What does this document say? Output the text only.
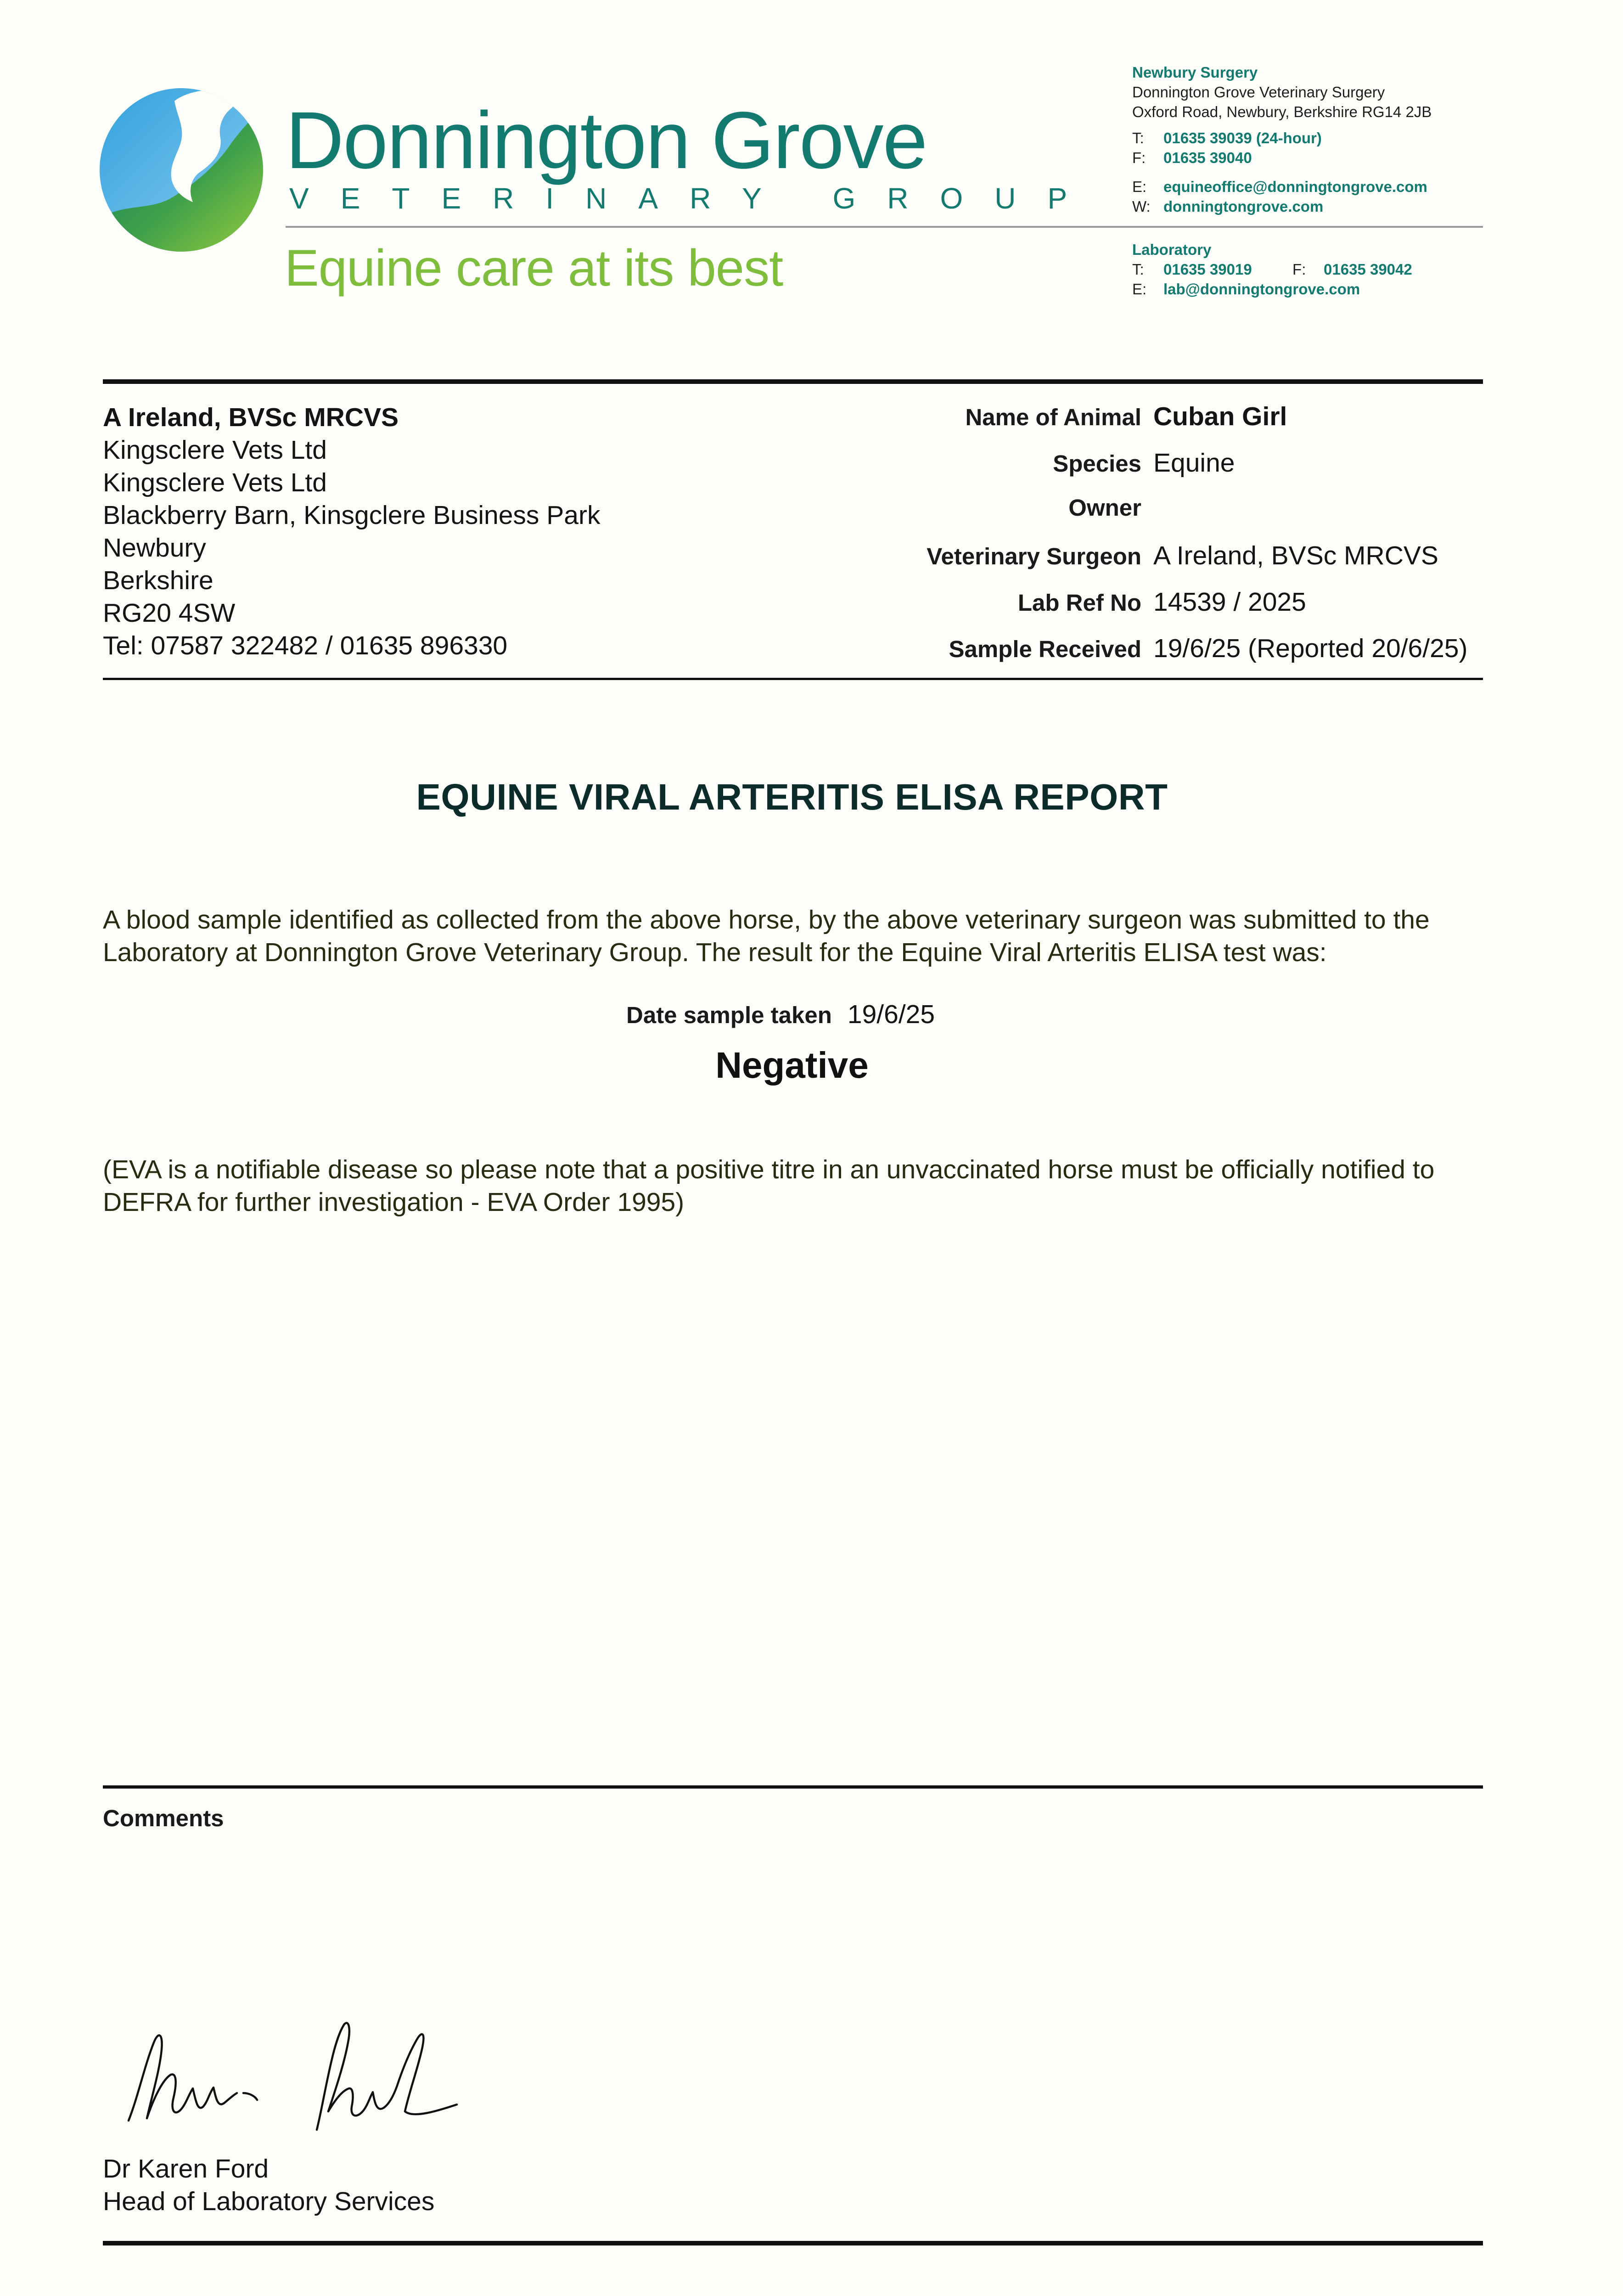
Donnington Grove
VETERINARY GROUP
Equine care at its best
Newbury Surgery
Donnington Grove Veterinary Surgery
Oxford Road, Newbury, Berkshire RG14 2JB
T: 01635 39039 (24-hour)
F: 01635 39040
E: equineoffice@donningtongrove.com
W: donningtongrove.com
Laboratory
T: 01635 39019	F: 01635 39042
E: lab@donningtongrove.com
A Ireland, BVSc MRCVS
Kingsclere Vets Ltd
Kingsclere Vets Ltd
Blackberry Barn, Kinsgclere Business Park
Newbury
Berkshire
RG20 4SW
Tel: 07587 322482 / 01635 896330
Name of Animal Cuban Girl
Species Equine
Owner
Veterinary Surgeon A Ireland, BVSc MRCVS
Lab Ref No 14539 / 2025
Sample Received 19/6/25 (Reported 20/6/25)
EQUINE VIRAL ARTERITIS ELISA REPORT
A blood sample identified as collected from the above horse, by the above veterinary surgeon was submitted to the Laboratory at Donnington Grove Veterinary Group. The result for the Equine Viral Arteritis ELISA test was:
Date sample taken 19/6/25
Negative
(EVA is a notifiable disease so please note that a positive titre in an unvaccinated horse must be officially notified to DEFRA for further investigation - EVA Order 1995)
Comments
Dr Karen Ford
Head of Laboratory Services
